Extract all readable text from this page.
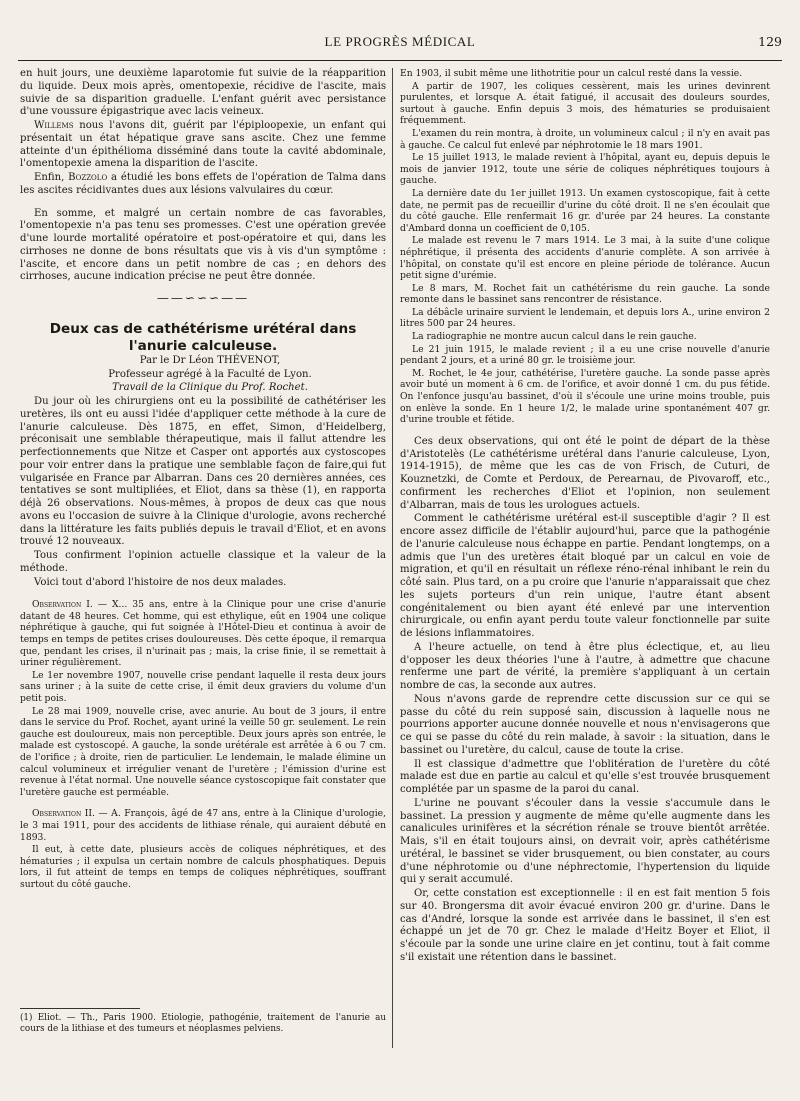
LE PROGRÈS MÉDICAL	129

en huit jours, une deuxième laparotomie fut suivie de la réapparition du liquide. Deux mois après, omentopexie, récidive de l'ascite, mais suivie de sa disparition graduelle. L'enfant guérit avec persistance d'une voussure épigastrique avec lacis veineux.

Willems nous l'avons dit, guérit par l'épiploopexie, un enfant qui présentait un état hépatique grave sans ascite. Chez une femme atteinte d'un épithélioma disséminé dans toute la cavité abdominale, l'omentopexie amena la disparition de l'ascite.

Enfin, Bozzolo a étudié les bons effets de l'opération de Talma dans les ascites récidivantes dues aux lésions valvulaires du cœur.

En somme, et malgré un certain nombre de cas favorables, l'omentopexie n'a pas tenu ses promesses. C'est une opération grevée d'une lourde mortalité opératoire et post-opératoire et qui, dans les cirrhoses ne donne de bons résultats que vis à vis d'un symptôme : l'ascite, et encore dans un petit nombre de cas ; en dehors des cirrhoses, aucune indication précise ne peut être donnée.

——∽∽∽——
Deux cas de cathétérisme urétéral dans l'anurie calculeuse.

Par le Dr Léon THÉVENOT,

Professeur agrégé à la Faculté de Lyon.

Travail de la Clinique du Prof. Rochet.

Du jour où les chirurgiens ont eu la possibilité de cathétériser les uretères, ils ont eu aussi l'idée d'appliquer cette méthode à la cure de l'anurie calculeuse. Dès 1875, en effet, Simon, d'Heidelberg, préconisait une semblable thérapeutique, mais il fallut attendre les perfectionnements que Nitze et Casper ont apportés aux cystoscopes pour voir entrer dans la pratique une semblable façon de faire,qui fut vulgarisée en France par Albarran. Dans ces 20 dernières années, ces tentatives se sont multipliées, et Eliot, dans sa thèse (1), en rapporta déjà 26 observations. Nous-mêmes, à propos de deux cas que nous avons eu l'occasion de suivre à la Clinique d'urologie, avons recherché dans la littérature les faits publiés depuis le travail d'Eliot, et en avons trouvé 12 nouveaux.

Tous confirment l'opinion actuelle classique et la valeur de la méthode.

Voici tout d'abord l'histoire de nos deux malades.

Observation I. — X... 35 ans, entre à la Clinique pour une crise d'anurie datant de 48 heures. Cet homme, qui est ethylique, eût en 1904 une colique néphrétique à gauche, qui fut soignée à l'Hôtel-Dieu et continua à avoir de temps en temps de petites crises douloureuses. Dès cette époque, il remarqua que, pendant les crises, il n'urinait pas ; mais, la crise finie, il se remettait à uriner régulièrement.

Le 1er novembre 1907, nouvelle crise pendant laquelle il resta deux jours sans uriner ; à la suite de cette crise, il émit deux graviers du volume d'un petit pois.

Le 28 mai 1909, nouvelle crise, avec anurie. Au bout de 3 jours, il entre dans le service du Prof. Rochet, ayant uriné la veille 50 gr. seulement. Le rein gauche est douloureux, mais non perceptible. Deux jours après son entrée, le malade est cystoscopé. A gauche, la sonde urétérale est arrêtée à 6 ou 7 cm. de l'orifice ; à droite, rien de particulier. Le lendemain, le malade élimine un calcul volumineux et irrégulier venant de l'uretère ; l'émission d'urine est revenue à l'état normal. Une nouvelle séance cystoscopique fait constater que l'uretère gauche est perméable.

Observation II. — A. François, âgé de 47 ans, entre à la Clinique d'urologie, le 3 mai 1911, pour des accidents de lithiase rénale, qui auraient débuté en 1893.

Il eut, à cette date, plusieurs accès de coliques néphrétiques, et des hématuries ; il expulsa un certain nombre de calculs phosphatiques. Depuis lors, il fut atteint de temps en temps de coliques néphrétiques, souffrant surtout du côté gauche.

(1) Eliot. — Th., Paris 1900. Etiologie, pathogénie, traitement de l'anurie au cours de la lithiase et des tumeurs et néoplasmes pelviens.

En 1903, il subit même une lithotritie pour un calcul resté dans la vessie.

A partir de 1907, les coliques cessèrent, mais les urines devinrent purulentes, et lorsque A. était fatigué, il accusait des douleurs sourdes, surtout à gauche. Enfin depuis 3 mois, des hématuries se produisaient fréquemment.

L'examen du rein montra, à droite, un volumineux calcul ; il n'y en avait pas à gauche. Ce calcul fut enlevé par néphrotomie le 18 mars 1901.

Le 15 juillet 1913, le malade revient à l'hôpital, ayant eu, depuis depuis le mois de janvier 1912, toute une série de coliques néphrétiques toujours à gauche.

La dernière date du 1er juillet 1913. Un examen cystoscopique, fait à cette date, ne permit pas de recueillir d'urine du côté droit. Il ne s'en écoulait que du côté gauche. Elle renfermait 16 gr. d'urée par 24 heures. La constante d'Ambard donna un coefficient de 0,105.

Le malade est revenu le 7 mars 1914. Le 3 mai, à la suite d'une colique néphrétique, il présenta des accidents d'anurie complète. A son arrivée à l'hôpital, on constate qu'il est encore en pleine période de tolérance. Aucun petit signe d'urémie.

Le 8 mars, M. Rochet fait un cathétérisme du rein gauche. La sonde remonte dans le bassinet sans rencontrer de résistance.

La débâcle urinaire survient le lendemain, et depuis lors A., urine environ 2 litres 500 par 24 heures.

La radiographie ne montre aucun calcul dans le rein gauche.

Le 21 juin 1915, le malade revient ; il a eu une crise nouvelle d'anurie pendant 2 jours, et a uriné 80 gr. le troisième jour.

M. Rochet, le 4e jour, cathétérise, l'uretère gauche. La sonde passe après avoir buté un moment à 6 cm. de l'orifice, et avoir donné 1 cm. du pus fétide. On l'enfonce jusqu'au bassinet, d'où il s'écoule une urine moins trouble, puis on enlève la sonde. En 1 heure 1/2, le malade urine spontanément 407 gr. d'urine trouble et fétide.

Ces deux observations, qui ont été le point de départ de la thèse d'Aristotelès (Le cathétérisme urétéral dans l'anurie calculeuse, Lyon, 1914-1915), de même que les cas de von Frisch, de Cuturi, de Kouznetzki, de Comte et Perdoux, de Perearnau, de Pivovaroff, etc., confirment les recherches d'Eliot et l'opinion, non seulement d'Albarran, mais de tous les urologues actuels.

Comment le cathétérisme urétéral est-il susceptible d'agir ? Il est encore assez difficile de l'établir aujourd'hui, parce que la pathogénie de l'anurie calculeuse nous échappe en partie. Pendant longtemps, on a admis que l'un des uretères était bloqué par un calcul en voie de migration, et qu'il en résultait un réflexe réno-rénal inhibant le rein du côté sain. Plus tard, on a pu croire que l'anurie n'apparaissait que chez les sujets porteurs d'un rein unique, l'autre étant absent congénitalement ou bien ayant été enlevé par une intervention chirurgicale, ou enfin ayant perdu toute valeur fonctionnelle par suite de lésions inflammatoires.

A l'heure actuelle, on tend à être plus éclectique, et, au lieu d'opposer les deux théories l'une à l'autre, à admettre que chacune renferme une part de vérité, la première s'appliquant à un certain nombre de cas, la seconde aux autres.

Nous n'avons garde de reprendre cette discussion sur ce qui se passe du côté du rein supposé sain, discussion à laquelle nous ne pourrions apporter aucune donnée nouvelle et nous n'envisagerons que ce qui se passe du côté du rein malade, à savoir : la situation, dans le bassinet ou l'uretère, du calcul, cause de toute la crise.

Il est classique d'admettre que l'oblitération de l'uretère du côté malade est due en partie au calcul et qu'elle s'est trouvée brusquement complétée par un spasme de la paroi du canal.

L'urine ne pouvant s'écouler dans la vessie s'accumule dans le bassinet. La pression y augmente de même qu'elle augmente dans les canalicules urinifères et la sécrétion rénale se trouve bientôt arrêtée. Mais, s'il en était toujours ainsi, on devrait voir, après cathétérisme urétéral, le bassinet se vider brusquement, ou bien constater, au cours d'une néphrotomie ou d'une néphrectomie, l'hypertension du liquide qui y serait accumulé.

Or, cette constation est exceptionnelle : il en est fait mention 5 fois sur 40. Brongersma dit avoir évacué environ 200 gr. d'urine. Dans le cas d'André, lorsque la sonde est arrivée dans le bassinet, il s'en est échappé un jet de 70 gr. Chez le malade d'Heitz Boyer et Eliot, il s'écoule par la sonde une urine claire en jet continu, tout à fait comme s'il existait une rétention dans le bassinet.
